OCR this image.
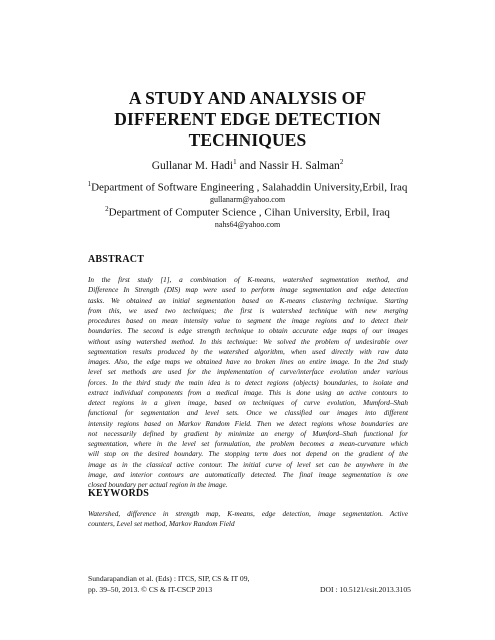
A STUDY AND ANALYSIS OF
DIFFERENT EDGE DETECTION
TECHNIQUES
Gullanar M. Hadi$^1$ and Nassir H. Salman$^2$
$^1$Department of Software Engineering , Salahaddin University,Erbil, Iraq
gullanarm@yahoo.com
$^2$Department of Computer Science , Cihan University, Erbil, Iraq
nahs64@yahoo.com
ABSTRACT
In the first study [1], a combination of K-means, watershed segmentation method, and
Difference In Strength (DIS) map were used to perform image segmentation and edge detection
tasks. We obtained an initial segmentation based on K-means clustering technique. Starting
from this, we used two techniques; the first is watershed technique with new merging
procedures based on mean intensity value to segment the image regions and to detect their
boundaries. The second is edge strength technique to obtain accurate edge maps of our images
without using watershed method. In this technique: We solved the problem of undesirable over
segmentation results produced by the watershed algorithm, when used directly with raw data
images. Also, the edge maps we obtained have no broken lines on entire image. In the 2nd study
level set methods are used for the implementation of curve/interface evolution under various
forces. In the third study the main idea is to detect regions (objects) boundaries, to isolate and
extract individual components from a medical image. This is done using an active contours to
detect regions in a given image, based on techniques of curve evolution, Mumford–Shah
functional for segmentation and level sets. Once we classified our images into different
intensity regions based on Markov Random Field. Then we detect regions whose boundaries are
not necessarily defined by gradient by minimize an energy of Mumford–Shah functional for
segmentation, where in the level set formulation, the problem becomes a mean-curvature which
will stop on the desired boundary. The stopping term does not depend on the gradient of the
image as in the classical active contour. The initial curve of level set can be anywhere in the
image, and interior contours are automatically detected. The final image segmentation is one
closed boundary per actual region in the image.
KEYWORDS
Watershed, difference in strength map, K-means, edge detection, image segmentation. Active
counters, Level set method, Markov Random Field
Sundarapandian et al. (Eds) : ITCS, SIP, CS & IT 09,
pp. 39–50, 2013. © CS & IT-CSCP 2013	DOI : 10.5121/csit.2013.3105
